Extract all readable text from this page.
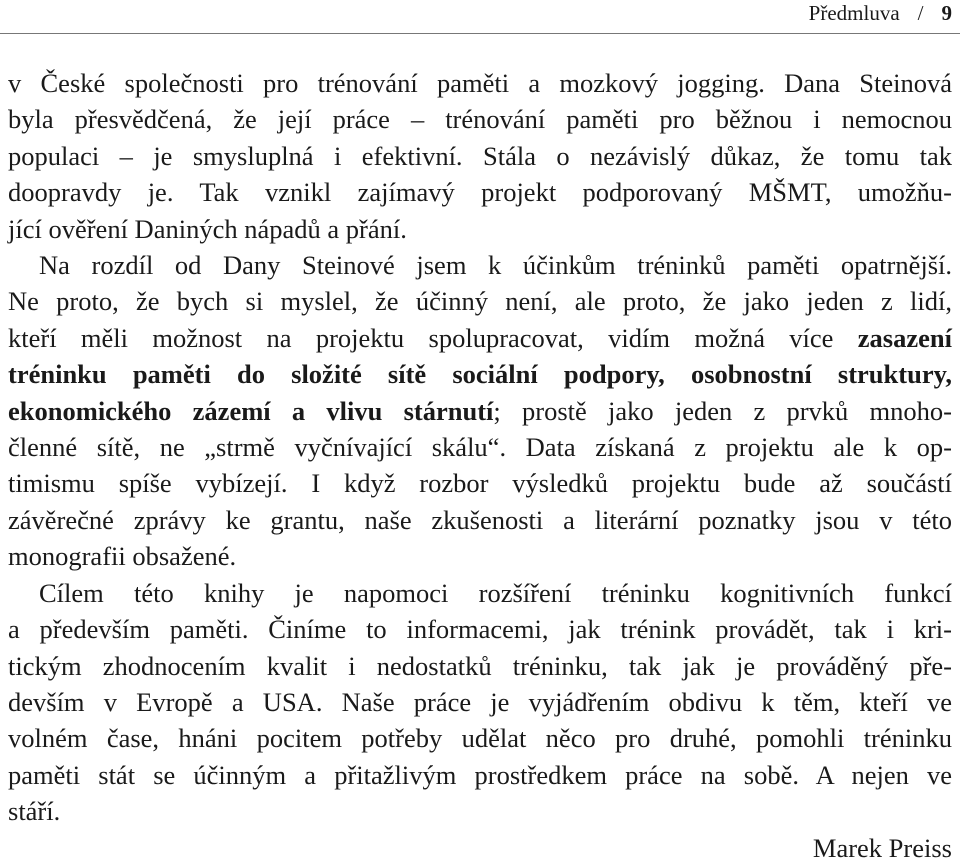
Předmluva / 9

v České společnosti pro trénování paměti a mozkový jogging. Dana Steinová
byla přesvědčená, že její práce – trénování paměti pro běžnou i nemocnou
populaci – je smysluplná i efektivní. Stála o nezávislý důkaz, že tomu tak
doopravdy je. Tak vznikl zajímavý projekt podporovaný MŠMT, umožňu-
jící ověření Daniných nápadů a přání.

Na rozdíl od Dany Steinové jsem k účinkům tréninků paměti opatrnější.
Ne proto, že bych si myslel, že účinný není, ale proto, že jako jeden z lidí,
kteří měli možnost na projektu spolupracovat, vidím možná více zasazení
tréninku paměti do složité sítě sociální podpory, osobnostní struktury,
ekonomického zázemí a vlivu stárnutí; prostě jako jeden z prvků mnoho-
členné sítě, ne „strmě vyčnívající skálu“. Data získaná z projektu ale k op-
timismu spíše vybízejí. I když rozbor výsledků projektu bude až součástí
závěrečné zprávy ke grantu, naše zkušenosti a literární poznatky jsou v této
monografii obsažené.

Cílem této knihy je napomoci rozšíření tréninku kognitivních funkcí
a především paměti. Činíme to informacemi, jak trénink provádět, tak i kri-
tickým zhodnocením kvalit i nedostatků tréninku, tak jak je prováděný pře-
devším v Evropě a USA. Naše práce je vyjádřením obdivu k těm, kteří ve
volném čase, hnáni pocitem potřeby udělat něco pro druhé, pomohli tréninku
paměti stát se účinným a přitažlivým prostředkem práce na sobě. A nejen ve
stáří.

Marek Preiss
